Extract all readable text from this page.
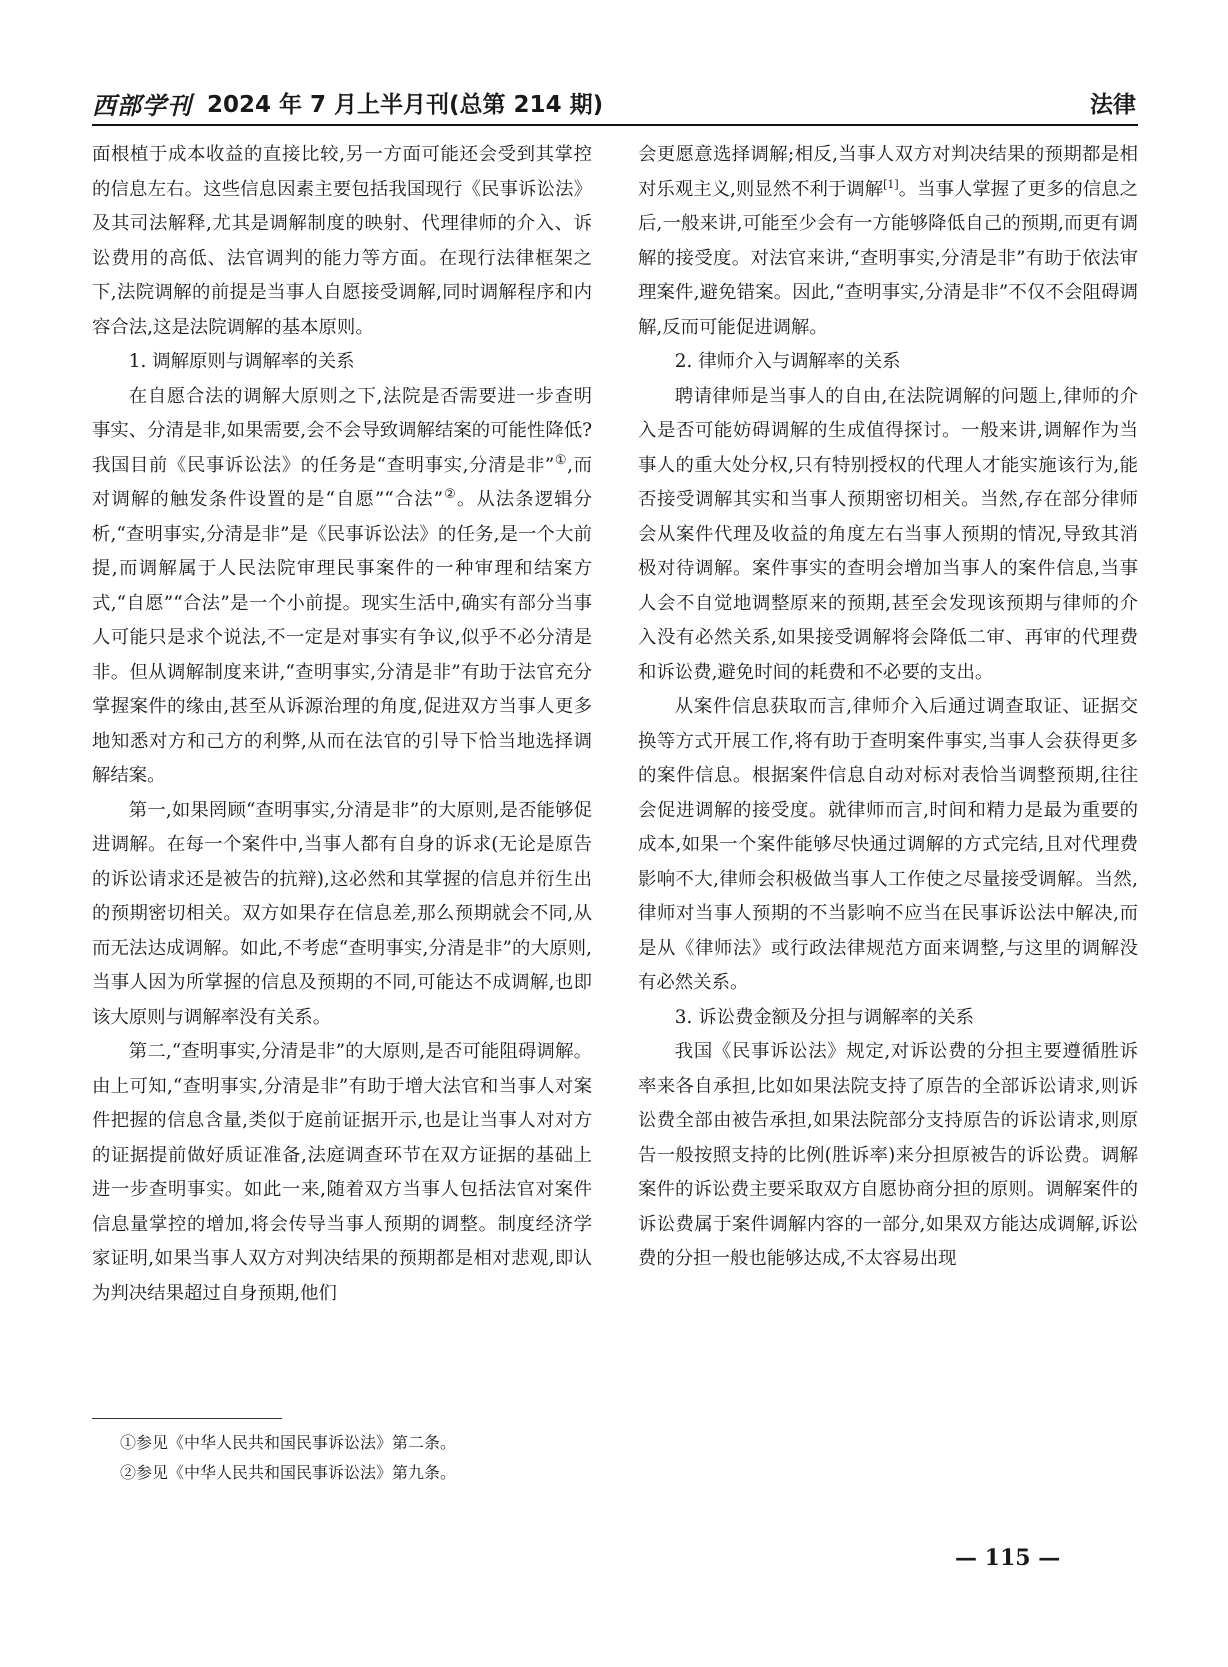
西部学刊 2024 年 7 月上半月刊(总第 214 期)	法律

面根植于成本收益的直接比较,另一方面可能还会受到其掌控的信息左右。这些信息因素主要包括我国现行《民事诉讼法》及其司法解释,尤其是调解制度的映射、代理律师的介入、诉讼费用的高低、法官调判的能力等方面。在现行法律框架之下,法院调解的前提是当事人自愿接受调解,同时调解程序和内容合法,这是法院调解的基本原则。

1. 调解原则与调解率的关系

在自愿合法的调解大原则之下,法院是否需要进一步查明事实、分清是非,如果需要,会不会导致调解结案的可能性降低?我国目前《民事诉讼法》的任务是“查明事实,分清是非”①,而对调解的触发条件设置的是“自愿”“合法”②。从法条逻辑分析,“查明事实,分清是非”是《民事诉讼法》的任务,是一个大前提,而调解属于人民法院审理民事案件的一种审理和结案方式,“自愿”“合法”是一个小前提。现实生活中,确实有部分当事人可能只是求个说法,不一定是对事实有争议,似乎不必分清是非。但从调解制度来讲,“查明事实,分清是非”有助于法官充分掌握案件的缘由,甚至从诉源治理的角度,促进双方当事人更多地知悉对方和己方的利弊,从而在法官的引导下恰当地选择调解结案。

第一,如果罔顾“查明事实,分清是非”的大原则,是否能够促进调解。在每一个案件中,当事人都有自身的诉求(无论是原告的诉讼请求还是被告的抗辩),这必然和其掌握的信息并衍生出的预期密切相关。双方如果存在信息差,那么预期就会不同,从而无法达成调解。如此,不考虑“查明事实,分清是非”的大原则,当事人因为所掌握的信息及预期的不同,可能达不成调解,也即该大原则与调解率没有关系。

第二,“查明事实,分清是非”的大原则,是否可能阻碍调解。由上可知,“查明事实,分清是非”有助于增大法官和当事人对案件把握的信息含量,类似于庭前证据开示,也是让当事人对对方的证据提前做好质证准备,法庭调查环节在双方证据的基础上进一步查明事实。如此一来,随着双方当事人包括法官对案件信息量掌控的增加,将会传导当事人预期的调整。制度经济学家证明,如果当事人双方对判决结果的预期都是相对悲观,即认为判决结果超过自身预期,他们

会更愿意选择调解;相反,当事人双方对判决结果的预期都是相对乐观主义,则显然不利于调解[1]。当事人掌握了更多的信息之后,一般来讲,可能至少会有一方能够降低自己的预期,而更有调解的接受度。对法官来讲,“查明事实,分清是非”有助于依法审理案件,避免错案。因此,“查明事实,分清是非”不仅不会阻碍调解,反而可能促进调解。

2. 律师介入与调解率的关系

聘请律师是当事人的自由,在法院调解的问题上,律师的介入是否可能妨碍调解的生成值得探讨。一般来讲,调解作为当事人的重大处分权,只有特别授权的代理人才能实施该行为,能否接受调解其实和当事人预期密切相关。当然,存在部分律师会从案件代理及收益的角度左右当事人预期的情况,导致其消极对待调解。案件事实的查明会增加当事人的案件信息,当事人会不自觉地调整原来的预期,甚至会发现该预期与律师的介入没有必然关系,如果接受调解将会降低二审、再审的代理费和诉讼费,避免时间的耗费和不必要的支出。

从案件信息获取而言,律师介入后通过调查取证、证据交换等方式开展工作,将有助于查明案件事实,当事人会获得更多的案件信息。根据案件信息自动对标对表恰当调整预期,往往会促进调解的接受度。就律师而言,时间和精力是最为重要的成本,如果一个案件能够尽快通过调解的方式完结,且对代理费影响不大,律师会积极做当事人工作使之尽量接受调解。当然,律师对当事人预期的不当影响不应当在民事诉讼法中解决,而是从《律师法》或行政法律规范方面来调整,与这里的调解没有必然关系。

3. 诉讼费金额及分担与调解率的关系

我国《民事诉讼法》规定,对诉讼费的分担主要遵循胜诉率来各自承担,比如如果法院支持了原告的全部诉讼请求,则诉讼费全部由被告承担,如果法院部分支持原告的诉讼请求,则原告一般按照支持的比例(胜诉率)来分担原被告的诉讼费。调解案件的诉讼费主要采取双方自愿协商分担的原则。调解案件的诉讼费属于案件调解内容的一部分,如果双方能达成调解,诉讼费的分担一般也能够达成,不太容易出现

①参见《中华人民共和国民事诉讼法》第二条。
②参见《中华人民共和国民事诉讼法》第九条。
— 115 —
